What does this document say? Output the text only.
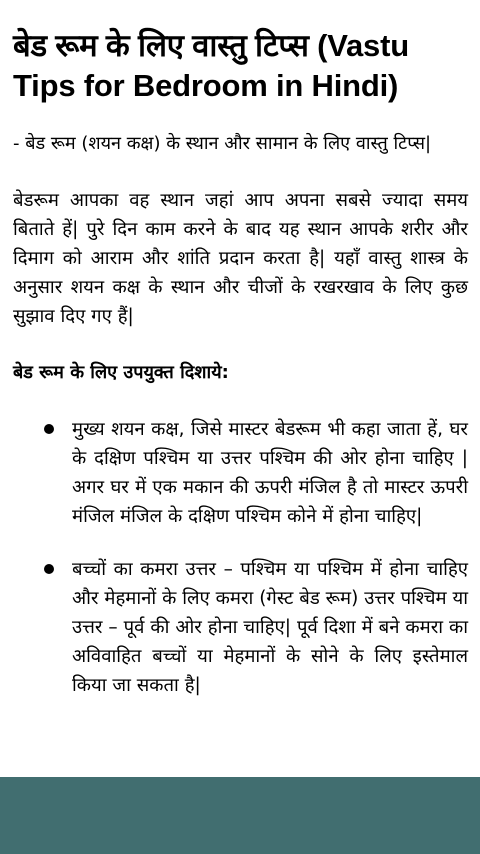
बेड रूम के लिए वास्तु टिप्स (Vastu Tips for Bedroom in Hindi)

- बेड रूम (शयन कक्ष) के स्थान और सामान के लिए वास्तु टिप्स|

बेडरूम आपका वह स्थान जहां आप अपना सबसे ज्यादा समय बिताते हें| पुरे दिन काम करने के बाद यह स्थान आपके शरीर और दिमाग को आराम और शांति प्रदान करता है| यहाँ वास्तु शास्त्र के अनुसार शयन कक्ष के स्थान और चीजों के रखरखाव के लिए कुछ सुझाव दिए गए हैं|

बेड रूम के लिए उपयुक्त दिशाये:

मुख्य शयन कक्ष, जिसे मास्टर बेडरूम भी कहा जाता हें, घर के दक्षिण पश्चिम या उत्तर पश्चिम की ओर होना चाहिए | अगर घर में एक मकान की ऊपरी मंजिल है तो मास्टर ऊपरी मंजिल मंजिल के दक्षिण पश्चिम कोने में होना चाहिए|
बच्चों का कमरा उत्तर – पश्चिम या पश्चिम में होना चाहिए और मेहमानों के लिए कमरा (गेस्ट बेड रूम) उत्तर पश्चिम या उत्तर – पूर्व की ओर होना चाहिए| पूर्व दिशा में बने कमरा का अविवाहित बच्चों या मेहमानों के सोने के लिए इस्तेमाल किया जा सकता है|
